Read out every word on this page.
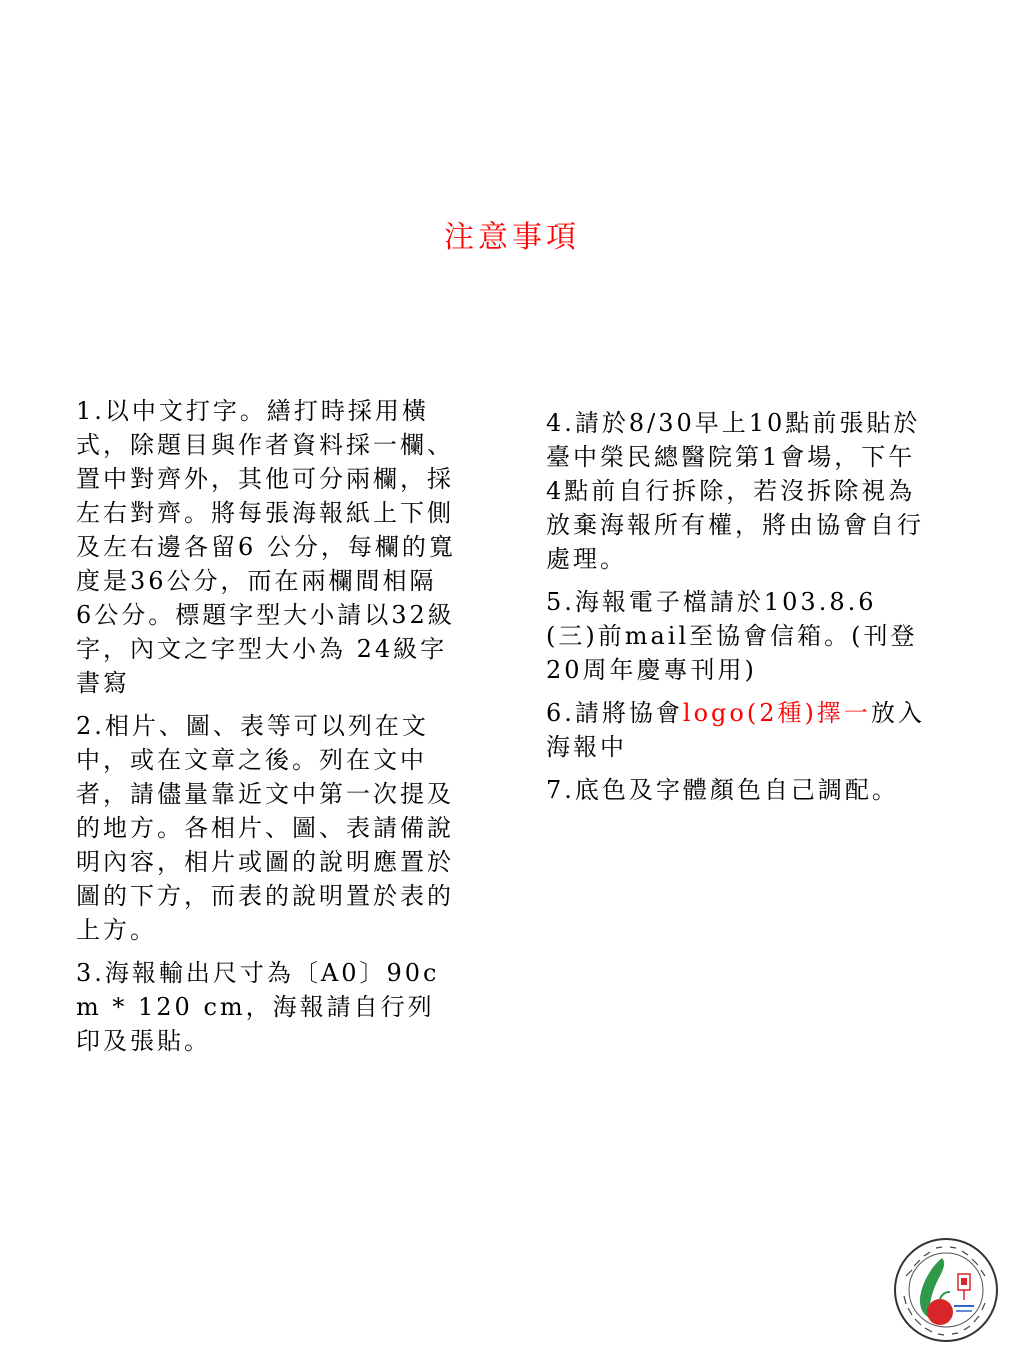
注意事項

1.以中文打字。繕打時採用橫式，除題目與作者資料採一欄、置中對齊外，其他可分兩欄，採左右對齊。將每張海報紙上下側及左右邊各留6 公分，每欄的寬度是36公分，而在兩欄間相隔 6公分。標題字型大小請以32級字，內文之字型大小為 24級字書寫

2.相片、圖、表等可以列在文中，或在文章之後。列在文中者，請儘量靠近文中第一次提及的地方。各相片、圖、表請備說明內容，相片或圖的說明應置於圖的下方，而表的說明置於表的上方。

3.海報輸出尺寸為〔A0〕90cm * 120 cm，海報請自行列印及張貼。

4.請於8/30早上10點前張貼於臺中榮民總醫院第1會場，下午4點前自行拆除，若沒拆除視為放棄海報所有權，將由協會自行處理。

5.海報電子檔請於103.8.6(三)前mail至協會信箱。(刊登20周年慶專刊用)

6.請將協會logo(2種)擇一放入海報中

7.底色及字體顏色自己調配。
